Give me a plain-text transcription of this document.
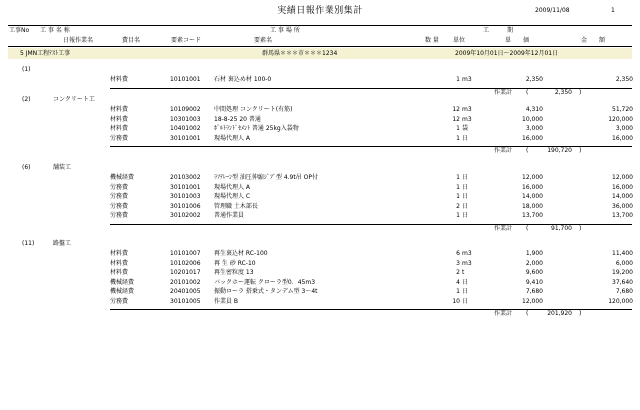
実績日報作業別集計	2009/11/08	1
工事No 工 事 名 称	工 事 場 所	工　　　期
日報作業名	費目名	要素コード	要素名	数 量 単位	単　　価	金　　額
5 JMN工程ﾃｽﾄ工事	群馬県＊＊＊市＊＊＊1234	2009年10月01日～2009年12月01日
(1)
材料費	10101001 石材 裏込め材 100-0	1 m3	2,350	2,350
作業計 (	2,350 )
(2)	コンクリート工
材料費	10109002 中間処理 コンクリート(有筋)	12 m3	4,310	51,720
材料費	10301003 18-8-25 20 普通	12 m3	10,000	120,000
材料費	10401002 ﾎﾟﾙﾄﾗﾝﾄﾞｾﾒﾝﾄ 普通 25kg入袋物	1 袋	3,000	3,000
労務費	30101001 現場代理人 A	1 日	16,000	16,000
作業計 (	190,720 )
(6)	舗装工
機械経費	20103002 ﾗﾌﾃﾚｰﾝ型 油圧伸縮ｼﾞﾌﾞ型 4.9t吊 OP付	1 日	12,000	12,000
労務費	30101001 現場代理人 A	1 日	16,000	16,000
労務費	30101003 現場代理人 C	1 日	14,000	14,000
労務費	30101006 管理職 土木部長	2 日	18,000	36,000
労務費	30102002 普通作業員	1 日	13,700	13,700
作業計 (	91,700 )
(11)	路盤工
材料費	10101007 再生裏込材 RC-100	6 m3	1,900	11,400
材料費	10102006 再 生 砂 RC-10	3 m3	2,000	6,000
材料費	10201017 再生密粒度 13	2 t	9,600	19,200
機械経費	20101002 バックホー運転 クローラ型0．45m3	4 日	9,410	37,640
機械経費	20401005 振動ローラ 搭乗式・タンデム型 3～4t	1 日	7,680	7,680
労務費	30101005 作業員 B	10 日	12,000	120,000
作業計 (	201,920 )
